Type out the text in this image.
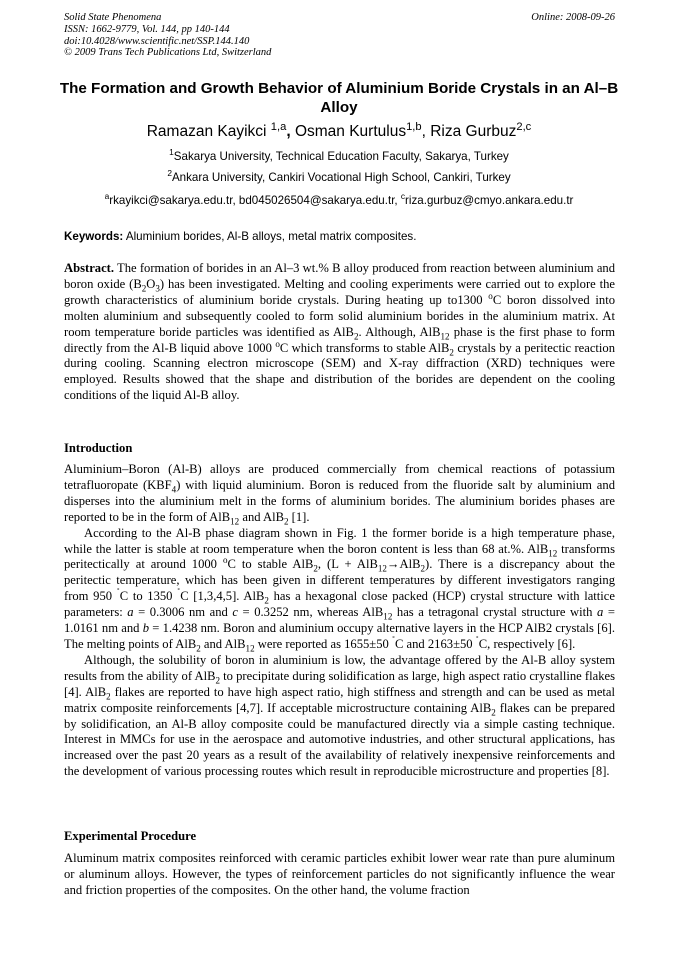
Solid State Phenomena
ISSN: 1662-9779, Vol. 144, pp 140-144
doi:10.4028/www.scientific.net/SSP.144.140
© 2009 Trans Tech Publications Ltd, Switzerland
Online: 2008-09-26
The Formation and Growth Behavior of Aluminium Boride Crystals in an Al–B Alloy
Ramazan Kayikci $^{1,a}$, Osman Kurtulus$^{1,b}$, Riza Gurbuz$^{2,c}$
$^1$Sakarya University, Technical Education Faculty, Sakarya, Turkey
$^2$Ankara University, Cankiri Vocational High School, Cankiri, Turkey
$^a$rkayikci@sakarya.edu.tr, bd045026504@sakarya.edu.tr, $^c$riza.gurbuz@cmyo.ankara.edu.tr
Keywords: Aluminium borides, Al-B alloys, metal matrix composites.

Abstract. The formation of borides in an Al–3 wt.% B alloy produced from reaction between aluminium and boron oxide $(B_2O_3)$ has been investigated. Melting and cooling experiments were carried out to explore the growth characteristics of aluminium boride crystals. During heating up to1300 $^o$C boron dissolved into molten aluminium and subsequently cooled to form solid aluminium borides in the aluminium matrix. At room temperature boride particles was identified as AlB$_2$. Although, AlB$_{12}$ phase is the first phase to form directly from the Al-B liquid above 1000 $^o$C which transforms to stable AlB$_2$ crystals by a peritectic reaction during cooling. Scanning electron microscope (SEM) and X-ray diffraction (XRD) techniques were employed. Results showed that the shape and distribution of the borides are dependent on the cooling conditions of the liquid Al-B alloy.

Introduction

Aluminium–Boron (Al-B) alloys are produced commercially from chemical reactions of potassium tetrafluorорate $(KBF_4)$ with liquid aluminium. Boron is reduced from the fluoride salt by aluminium and disperses into the aluminium melt in the forms of aluminium borides. The aluminium borides phases are reported to be in the form of AlB$_{12}$ and AlB$_2$ [1].

According to the Al-B phase diagram shown in Fig. 1 the former boride is a high temperature phase, while the latter is stable at room temperature when the boron content is less than 68 at.%. AlB$_{12}$ transforms peritectically at around 1000 $^o$C to stable AlB$_2$, (L + AlB$_{12}$→AlB$_2$). There is a discrepancy about the peritectic temperature, which has been given in different temperatures by different investigators ranging from 950 ˚C to 1350 ˚C [1,3,4,5]. AlB$_2$ has a hexagonal close packed (HCP) crystal structure with lattice parameters: a = 0.3006 nm and c = 0.3252 nm, whereas AlB$_{12}$ has a tetragonal crystal structure with a = 1.0161 nm and b = 1.4238 nm. Boron and aluminium occupy alternative layers in the HCP AlB2 crystals [6]. The melting points of AlB$_2$ and AlB$_{12}$ were reported as 1655±50 ˚C and 2163±50 ˚C, respectively [6].

Although, the solubility of boron in aluminium is low, the advantage offered by the Al-B alloy system results from the ability of AlB$_2$ to precipitate during solidification as large, high aspect ratio crystalline flakes [4]. AlB$_2$ flakes are reported to have high aspect ratio, high stiffness and strength and can be used as metal matrix composite reinforcements [4,7]. If acceptable microstructure containing AlB$_2$ flakes can be prepared by solidification, an Al-B alloy composite could be manufactured directly via a simple casting technique. Interest in MMCs for use in the aerospace and automotive industries, and other structural applications, has increased over the past 20 years as a result of the availability of relatively inexpensive reinforcements and the development of various processing routes which result in reproducible microstructure and properties [8].

Experimental Procedure

Aluminum matrix composites reinforced with ceramic particles exhibit lower wear rate than pure aluminum or aluminum alloys. However, the types of reinforcement particles do not significantly influence the wear and friction properties of the composites. On the other hand, the volume fraction
